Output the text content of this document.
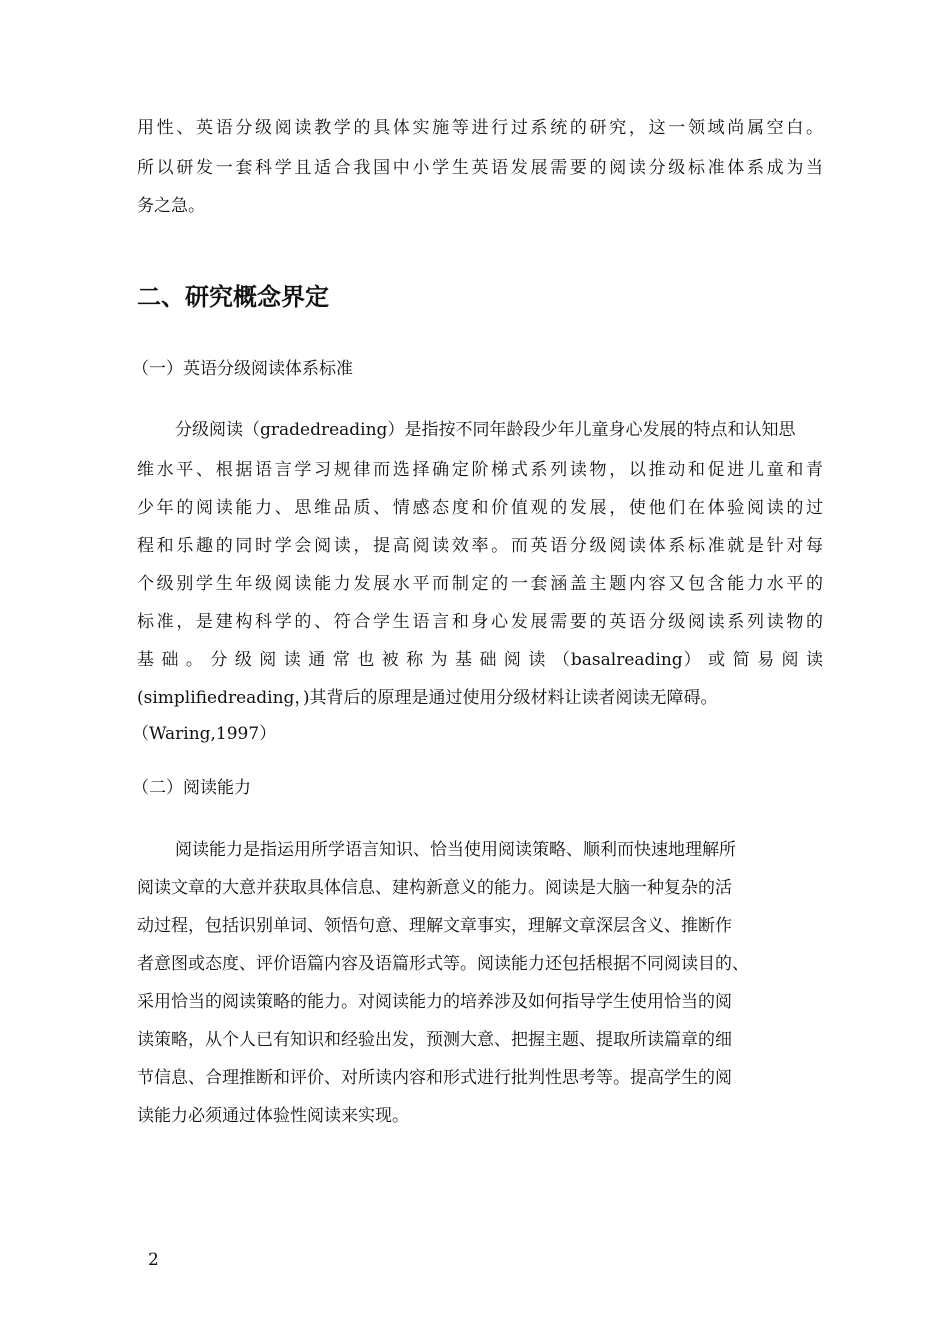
用性、英语分级阅读教学的具体实施等进行过系统的研究，这一领域尚属空白。
所以研发一套科学且适合我国中小学生英语发展需要的阅读分级标准体系成为当
务之急。
二、研究概念界定
（一）英语分级阅读体系标准
分级阅读（gradedreading）是指按不同年龄段少年儿童身心发展的特点和认知思
维水平、根据语言学习规律而选择确定阶梯式系列读物，以推动和促进儿童和青
少年的阅读能力、思维品质、情感态度和价值观的发展，使他们在体验阅读的过
程和乐趣的同时学会阅读，提高阅读效率。而英语分级阅读体系标准就是针对每
个级别学生年级阅读能力发展水平而制定的一套涵盖主题内容又包含能力水平的
标准，是建构科学的、符合学生语言和身心发展需要的英语分级阅读系列读物的
基 础 。 分 级 阅 读 通 常 也 被 称 为 基 础 阅 读 （basalreading） 或 简 易 阅 读
(simplifiedreading，)其背后的原理是通过使用分级材料让读者阅读无障碍。
（Waring,1997）
（二）阅读能力
阅读能力是指运用所学语言知识、恰当使用阅读策略、顺利而快速地理解所
阅读文章的大意并获取具体信息、建构新意义的能力。阅读是大脑一种复杂的活
动过程，包括识别单词、领悟句意、理解文章事实，理解文章深层含义、推断作
者意图或态度、评价语篇内容及语篇形式等。阅读能力还包括根据不同阅读目的、
采用恰当的阅读策略的能力。对阅读能力的培养涉及如何指导学生使用恰当的阅
读策略，从个人已有知识和经验出发，预测大意、把握主题、提取所读篇章的细
节信息、合理推断和评价、对所读内容和形式进行批判性思考等。提高学生的阅
读能力必须通过体验性阅读来实现。
2
